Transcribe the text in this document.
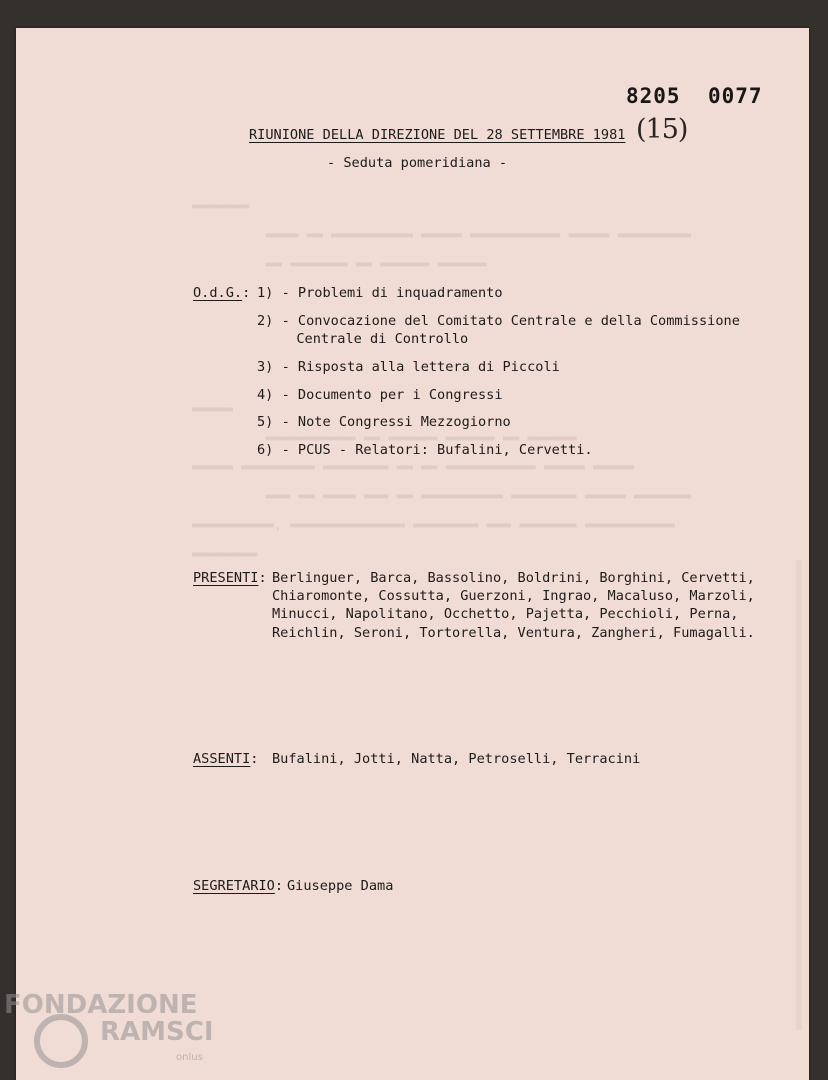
▬▬▬▬▬▬▬
▬▬▬▬ ▬▬ ▬▬▬▬▬▬▬▬▬▬ ▬▬▬▬▬ ▬▬▬▬▬▬▬▬▬▬▬ ▬▬▬▬▬ ▬▬▬▬▬▬▬▬▬
▬▬ ▬▬▬▬▬▬▬ ▬▬ ▬▬▬▬▬▬ ▬▬▬▬▬▬

▬▬▬▬▬
▬▬▬▬▬▬▬▬▬▬▬ ▬▬ ▬▬▬▬▬▬ ▬▬▬▬▬▬ ▬▬ ▬▬▬▬▬▬
▬▬▬▬▬ ▬▬▬▬▬▬▬▬▬ ▬▬▬▬▬▬▬▬ ▬▬ ▬▬ ▬▬▬▬▬▬▬▬▬▬▬ ▬▬▬▬▬ ▬▬▬▬▬
▬▬▬ ▬▬ ▬▬▬▬ ▬▬▬ ▬▬ ▬▬▬▬▬▬▬▬▬▬ ▬▬▬▬▬▬▬▬ ▬▬▬▬▬ ▬▬▬▬▬▬▬
▬▬▬▬▬▬▬▬▬▬, ▬▬▬▬▬▬▬▬▬▬▬▬▬▬ ▬▬▬▬▬▬▬▬ ▬▬▬ ▬▬▬▬▬▬▬ ▬▬▬▬▬▬▬▬▬▬▬
▬▬▬▬▬▬▬▬
8205 0077
(15)
RIUNIONE DELLA DIREZIONE DEL 28 SETTEMBRE 1981
- Seduta pomeridiana -
O.d.G.: 1) - Problemi di inquadramento
2) - Convocazione del Comitato Centrale e della Commissione
Centrale di Controllo
3) - Risposta alla lettera di Piccoli
4) - Documento per i Congressi
5) - Note Congressi Mezzogiorno
6) - PCUS - Relatori: Bufalini, Cervetti.
PRESENTI: Berlinguer, Barca, Bassolino, Boldrini, Borghini, Cervetti,
Chiaromonte, Cossutta, Guerzoni, Ingrao, Macaluso, Marzoli,
Minucci, Napolitano, Occhetto, Pajetta, Pecchioli, Perna,
Reichlin, Seroni, Tortorella, Ventura, Zangheri, Fumagalli.
ASSENTI: Bufalini, Jotti, Natta, Petroselli, Terracini
SEGRETARIO: Giuseppe Dama
FONDAZIONE
RAMSCI
onlus
